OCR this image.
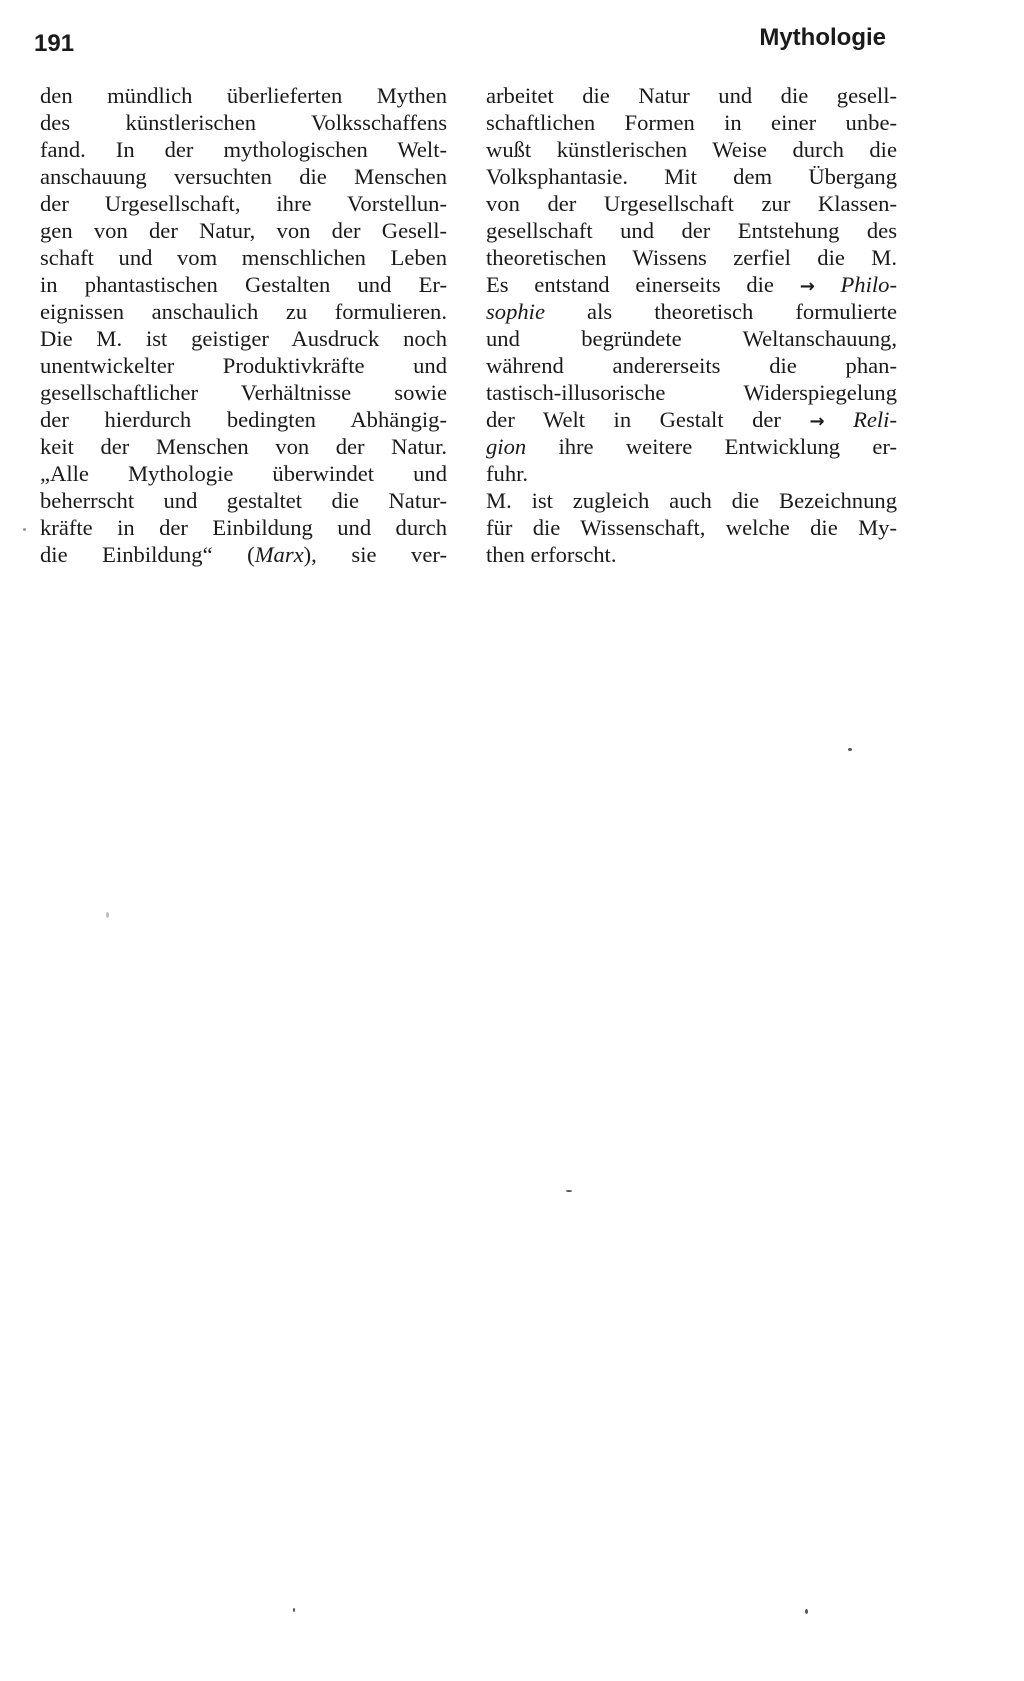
191	Mythologie
den mündlich überlieferten Mythen
des künstlerischen Volksschaffens
fand. In der mythologischen Welt-
anschauung versuchten die Menschen
der Urgesellschaft, ihre Vorstellun-
gen von der Natur, von der Gesell-
schaft und vom menschlichen Leben
in phantastischen Gestalten und Er-
eignissen anschaulich zu formulieren.
Die M. ist geistiger Ausdruck noch
unentwickelter Produktivkräfte und
gesellschaftlicher Verhältnisse sowie
der hierdurch bedingten Abhängig-
keit der Menschen von der Natur.
„Alle Mythologie überwindet und
beherrscht und gestaltet die Natur-
kräfte in der Einbildung und durch
die Einbildung“ (Marx), sie ver-
arbeitet die Natur und die gesell-
schaftlichen Formen in einer unbe-
wußt künstlerischen Weise durch die
Volksphantasie. Mit dem Übergang
von der Urgesellschaft zur Klassen-
gesellschaft und der Entstehung des
theoretischen Wissens zerfiel die M.
Es entstand einerseits die → Philo-
sophie als theoretisch formulierte
und begründete Weltanschauung,
während andererseits die phan-
tastisch-illusorische Widerspiegelung
der Welt in Gestalt der → Reli-
gion ihre weitere Entwicklung er-
fuhr.
M. ist zugleich auch die Bezeichnung
für die Wissenschaft, welche die My-
then erforscht.
